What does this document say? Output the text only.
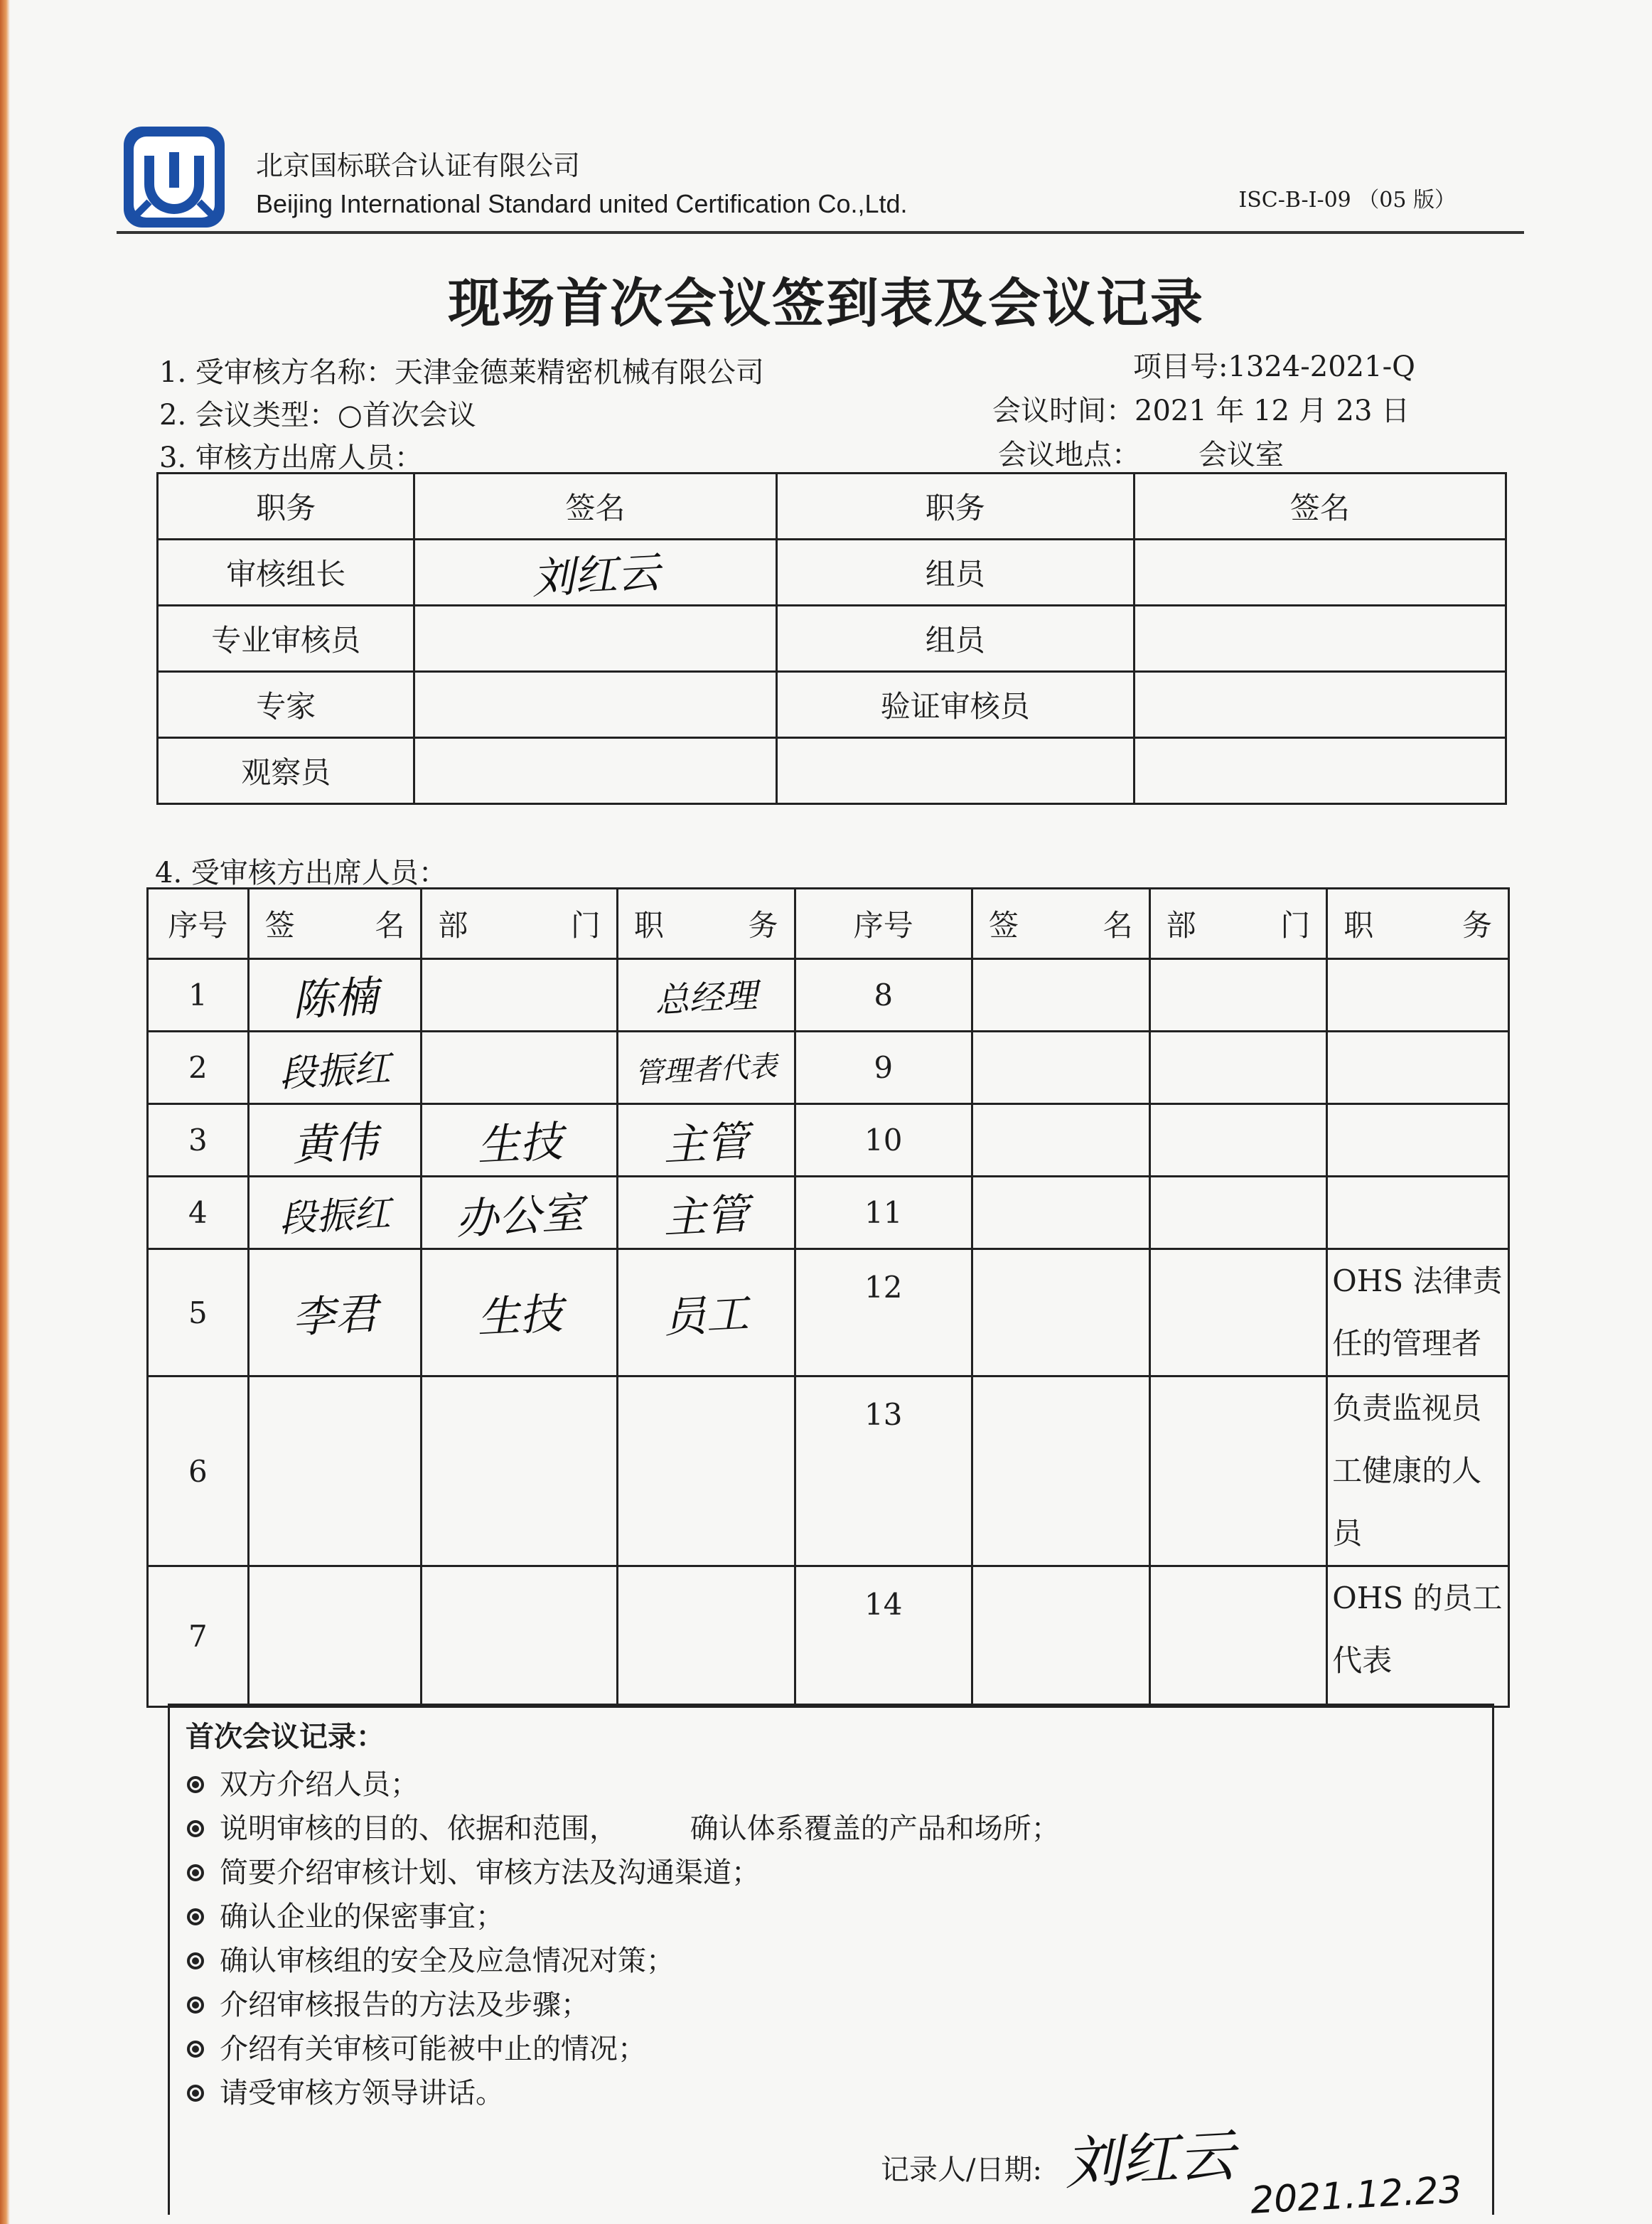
北京国标联合认证有限公司
Beijing International Standard united Certification Co.,Ltd.	ISC-B-I-09 （05 版）
现场首次会议签到表及会议记录
1. 受审核方名称：天津金德莱精密机械有限公司	项目号:1324-2021-Q
2. 会议类型：○首次会议	会议时间：2021 年 12 月 23 日
3. 审核方出席人员：	会议地点： 会议室
职务	签名	职务	签名
审核组长	刘红云	组员	
专业审核员		组员	
专家		验证审核员	
观察员			
4. 受审核方出席人员：
序号	签 名	部 门	职 务	序号	签 名	部 门	职 务

1	陈楠		总经理	8			
2	段振红		管理者代表	9			
3	黄伟	生技	主管	10			
4	段振红	办公室	主管	11			
5	李君	生技	员工	12			OHS 法律责任的管理者
6				13			负责监视员工健康的人员
7				14			OHS 的员工代表
首次会议记录：
双方介绍人员；
说明审核的目的、依据和范围，        确认体系覆盖的产品和场所；
简要介绍审核计划、审核方法及沟通渠道；
确认企业的保密事宜；
确认审核组的安全及应急情况对策；
介绍审核报告的方法及步骤；
介绍有关审核可能被中止的情况；
请受审核方领导讲话。
记录人/日期: 刘红云 2021.12.23
